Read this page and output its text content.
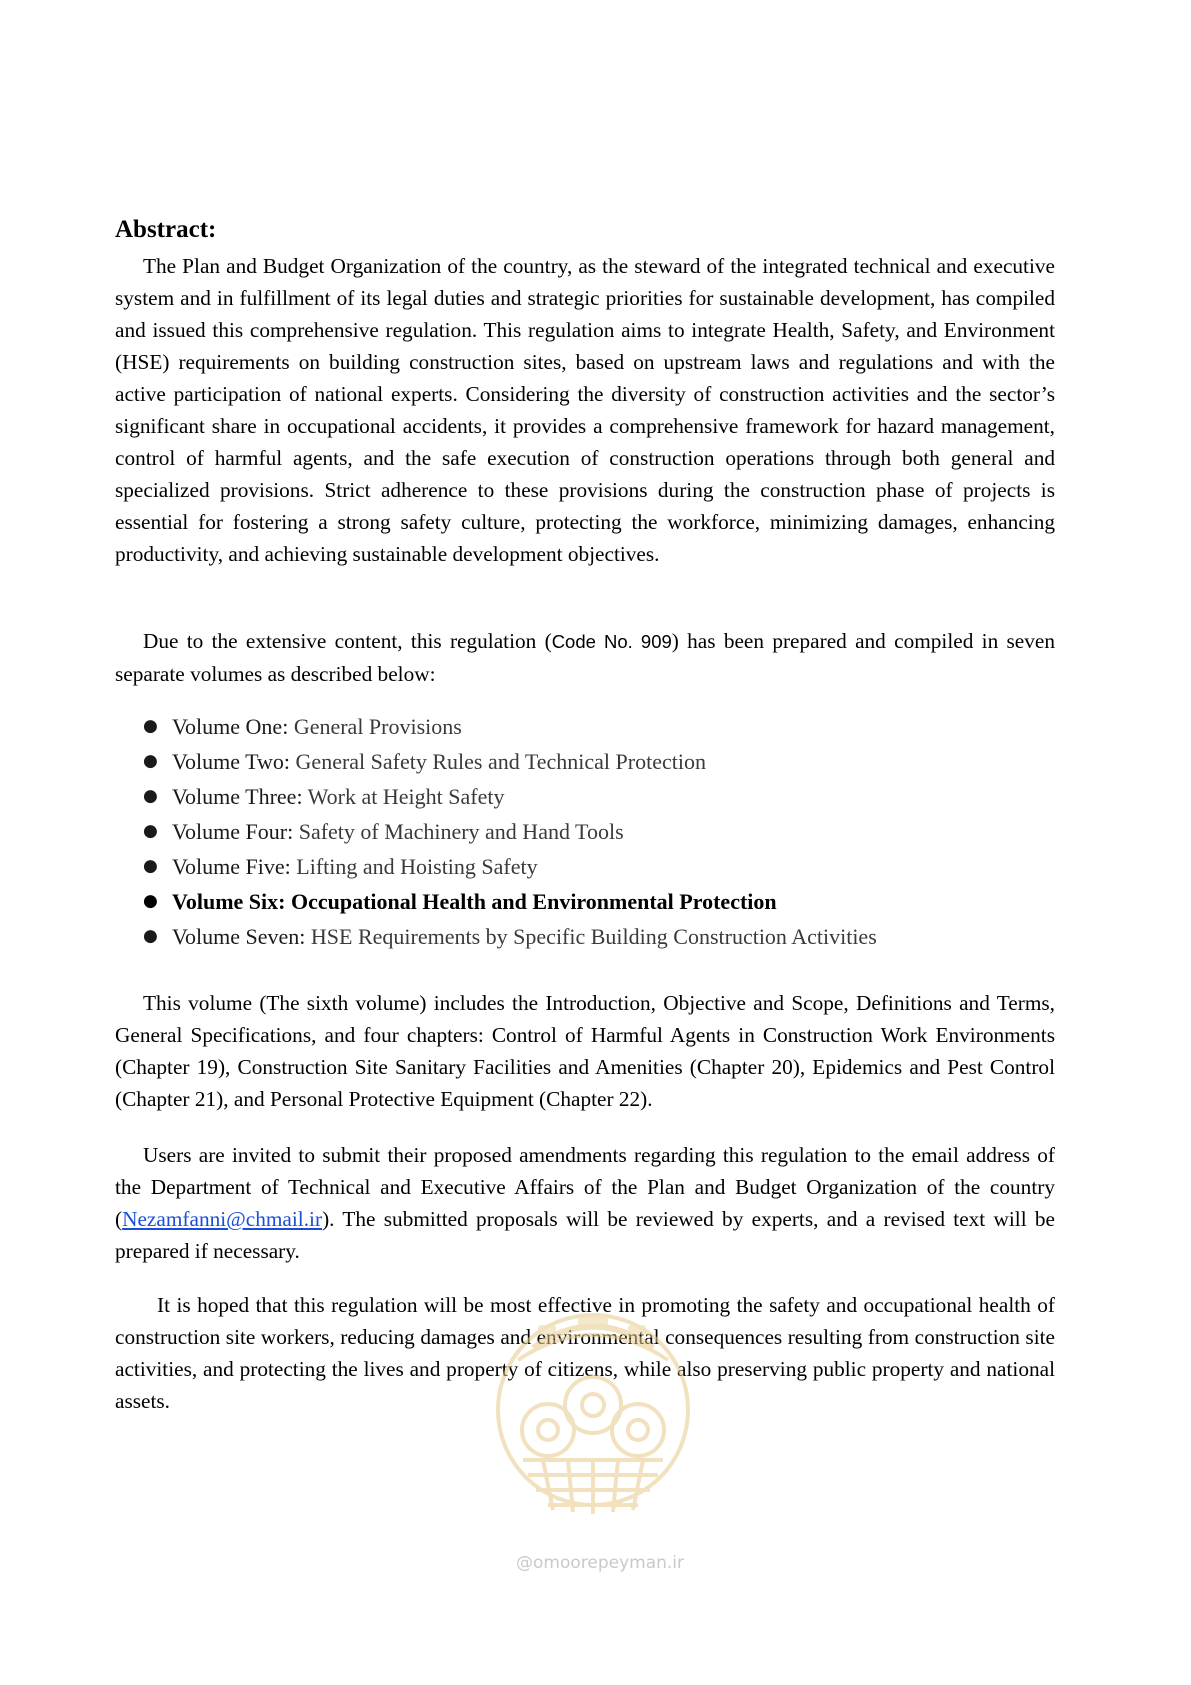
Abstract:

The Plan and Budget Organization of the country, as the steward of the integrated technical and executive system and in fulfillment of its legal duties and strategic priorities for sustainable development, has compiled and issued this comprehensive regulation. This regulation aims to integrate Health, Safety, and Environment (HSE) requirements on building construction sites, based on upstream laws and regulations and with the active participation of national experts. Considering the diversity of construction activities and the sector’s significant share in occupational accidents, it provides a comprehensive framework for hazard management, control of harmful agents, and the safe execution of construction operations through both general and specialized provisions. Strict adherence to these provisions during the construction phase of projects is essential for fostering a strong safety culture, protecting the workforce, minimizing damages, enhancing productivity, and achieving sustainable development objectives.

Due to the extensive content, this regulation (Code No. 909) has been prepared and compiled in seven separate volumes as described below:

● Volume One: General Provisions
● Volume Two: General Safety Rules and Technical Protection
● Volume Three: Work at Height Safety
● Volume Four: Safety of Machinery and Hand Tools
● Volume Five: Lifting and Hoisting Safety
● Volume Six: Occupational Health and Environmental Protection
● Volume Seven: HSE Requirements by Specific Building Construction Activities

This volume (The sixth volume) includes the Introduction, Objective and Scope, Definitions and Terms, General Specifications, and four chapters: Control of Harmful Agents in Construction Work Environments (Chapter 19), Construction Site Sanitary Facilities and Amenities (Chapter 20), Epidemics and Pest Control (Chapter 21), and Personal Protective Equipment (Chapter 22).

Users are invited to submit their proposed amendments regarding this regulation to the email address of the Department of Technical and Executive Affairs of the Plan and Budget Organization of the country (Nezamfanni@chmail.ir). The submitted proposals will be reviewed by experts, and a revised text will be prepared if necessary.

It is hoped that this regulation will be most effective in promoting the safety and occupational health of construction site workers, reducing damages and environmental consequences resulting from construction site activities, and protecting the lives and property of citizens, while also preserving public property and national assets.

@omoorepeyman.ir
